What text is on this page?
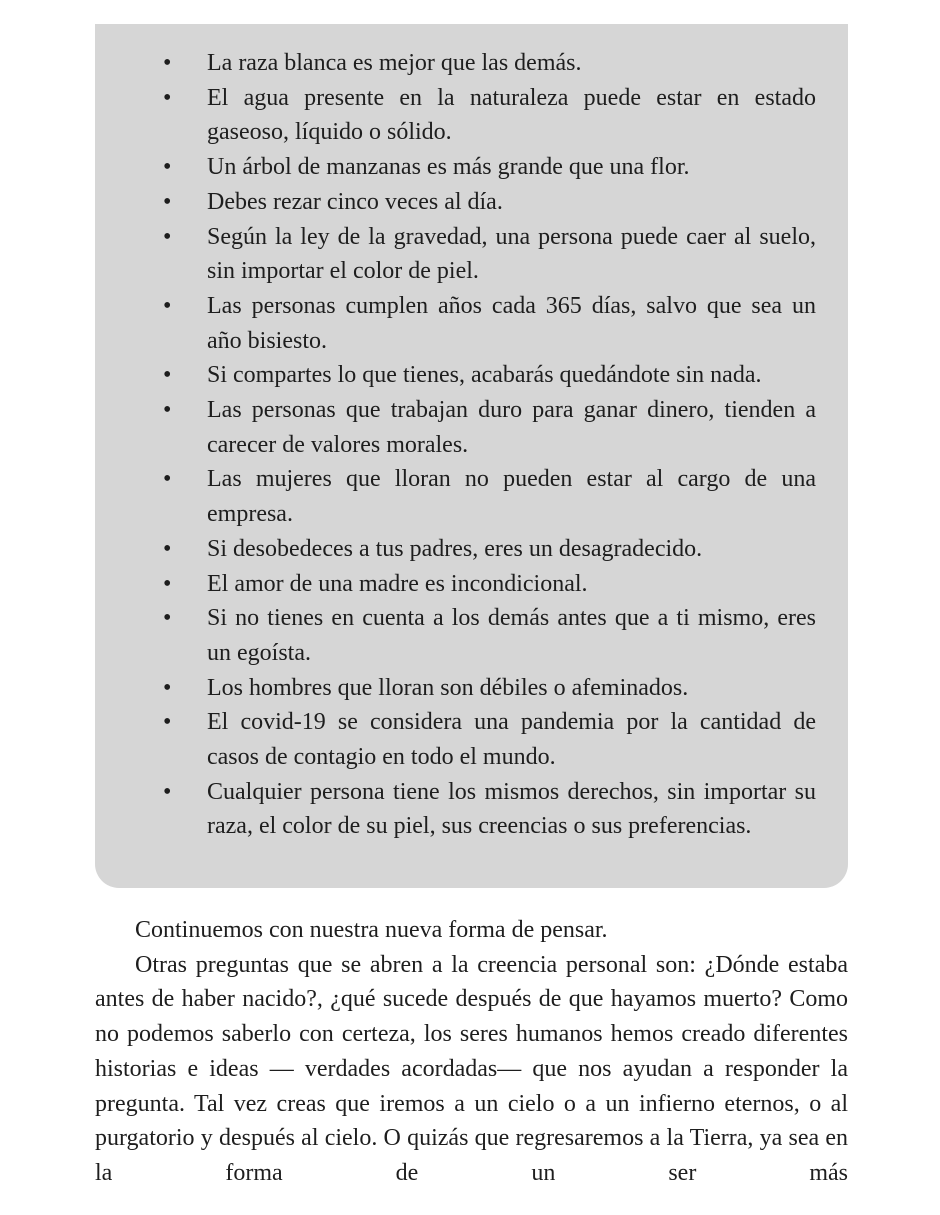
• La raza blanca es mejor que las demás.
• El agua presente en la naturaleza puede estar en estado gaseoso, líquido o sólido.
• Un árbol de manzanas es más grande que una flor.
• Debes rezar cinco veces al día.
• Según la ley de la gravedad, una persona puede caer al suelo, sin importar el color de piel.
• Las personas cumplen años cada 365 días, salvo que sea un año bisiesto.
• Si compartes lo que tienes, acabarás quedándote sin nada.
• Las personas que trabajan duro para ganar dinero, tienden a carecer de valores morales.
• Las mujeres que lloran no pueden estar al cargo de una empresa.
• Si desobedeces a tus padres, eres un desagradecido.
• El amor de una madre es incondicional.
• Si no tienes en cuenta a los demás antes que a ti mismo, eres un egoísta.
• Los hombres que lloran son débiles o afeminados.
• El covid-19 se considera una pandemia por la cantidad de casos de contagio en todo el mundo.
• Cualquier persona tiene los mismos derechos, sin importar su raza, el color de su piel, sus creencias o sus preferencias.

Continuemos con nuestra nueva forma de pensar.

Otras preguntas que se abren a la creencia personal son: ¿Dónde estaba antes de haber nacido?, ¿qué sucede después de que hayamos muerto? Como no podemos saberlo con certeza, los seres humanos hemos creado diferentes historias e ideas — verdades acordadas— que nos ayudan a responder la pregunta. Tal vez creas que iremos a un cielo o a un infierno eternos, o al purgatorio y después al cielo. O quizás que regresaremos a la Tierra, ya sea en la forma de un ser más
